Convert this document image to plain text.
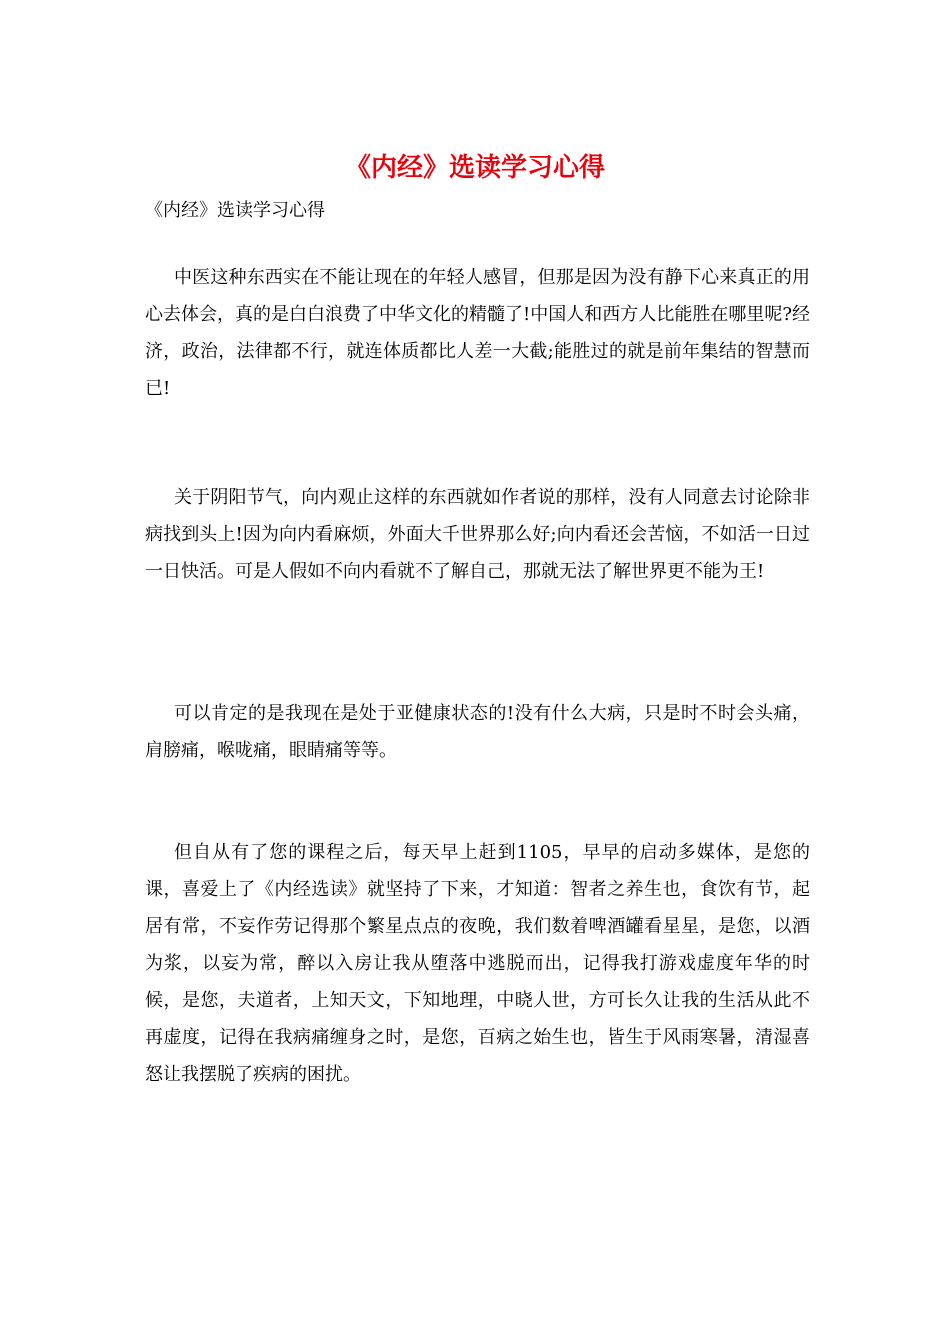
《内经》选读学习心得
《内经》选读学习心得

中医这种东西实在不能让现在的年轻人感冒，但那是因为没有静下心来真正的用心去体会，真的是白白浪费了中华文化的精髓了!中国人和西方人比能胜在哪里呢?经济，政治，法律都不行，就连体质都比人差一大截;能胜过的就是前年集结的智慧而已!

关于阴阳节气，向内观止这样的东西就如作者说的那样，没有人同意去讨论除非病找到头上!因为向内看麻烦，外面大千世界那么好;向内看还会苦恼，不如活一日过一日快活。可是人假如不向内看就不了解自己，那就无法了解世界更不能为王!

可以肯定的是我现在是处于亚健康状态的!没有什么大病，只是时不时会头痛，肩膀痛，喉咙痛，眼睛痛等等。

但自从有了您的课程之后，每天早上赶到1105，早早的启动多媒体，是您的课，喜爱上了《内经选读》就坚持了下来，才知道：智者之养生也，食饮有节，起居有常，不妄作劳记得那个繁星点点的夜晚，我们数着啤酒罐看星星，是您，以酒为浆，以妄为常，醉以入房让我从堕落中逃脱而出，记得我打游戏虚度年华的时候，是您，夫道者，上知天文，下知地理，中晓人世，方可长久让我的生活从此不再虚度，记得在我病痛缠身之时，是您，百病之始生也，皆生于风雨寒暑，清湿喜怒让我摆脱了疾病的困扰。
